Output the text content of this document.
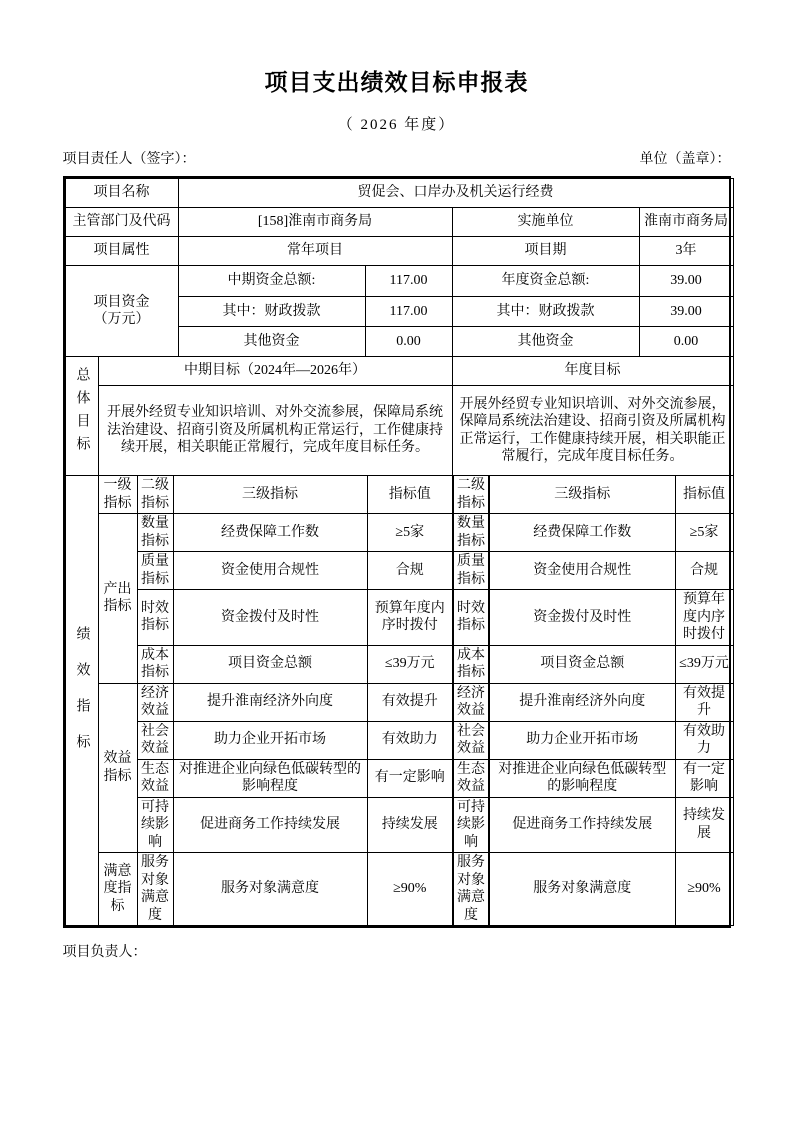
项目支出绩效目标申报表
（ 2026 年度）
项目责任人（签字）：	单位（盖章）：
项目名称	贸促会、口岸办及机关运行经费		
主管部门及代码	[158]淮南市商务局	实施单位	淮南市商务局
项目属性	常年项目	项目期	3年
项目资金
（万元）	中期资金总额:	117.00	年度资金总额:	39.00
	其中：财政拨款	117.00	其中：财政拨款	39.00
	其他资金	0.00	其他资金	0.00
总体目标	中期目标（2024年—2026年）	年度目标
	开展外经贸专业知识培训、对外交流参展，保障局系统法治建设、招商引资及所属机构正常运行，工作健康持续开展，相关职能正常履行，完成年度目标任务。	开展外经贸专业知识培训、对外交流参展，保障局系统法治建设、招商引资及所属机构正常运行，工作健康持续开展，相关职能正常履行，完成年度目标任务。
绩效指标	一级指标	二级指标	三级指标	指标值	二级指标	三级指标	指标值
	产出指标	数量指标	经费保障工作数	≥5家	数量指标	经费保障工作数	≥5家
		质量指标	资金使用合规性	合规	质量指标	资金使用合规性	合规
		时效指标	资金拨付及时性	预算年度内序时拨付	时效指标	资金拨付及时性	预算年度内序时拨付
		成本指标	项目资金总额	≤39万元	成本指标	项目资金总额	≤39万元
	效益指标	经济效益	提升淮南经济外向度	有效提升	经济效益	提升淮南经济外向度	有效提升
		社会效益	助力企业开拓市场	有效助力	社会效益	助力企业开拓市场	有效助力
		生态效益	对推进企业向绿色低碳转型的影响程度	有一定影响	生态效益	对推进企业向绿色低碳转型的影响程度	有一定影响
		可持续影响	促进商务工作持续发展	持续发展	可持续影响	促进商务工作持续发展	持续发展
	满意度指标	服务对象满意度	服务对象满意度	≥90%	服务对象满意度	服务对象满意度	≥90%
项目负责人：
